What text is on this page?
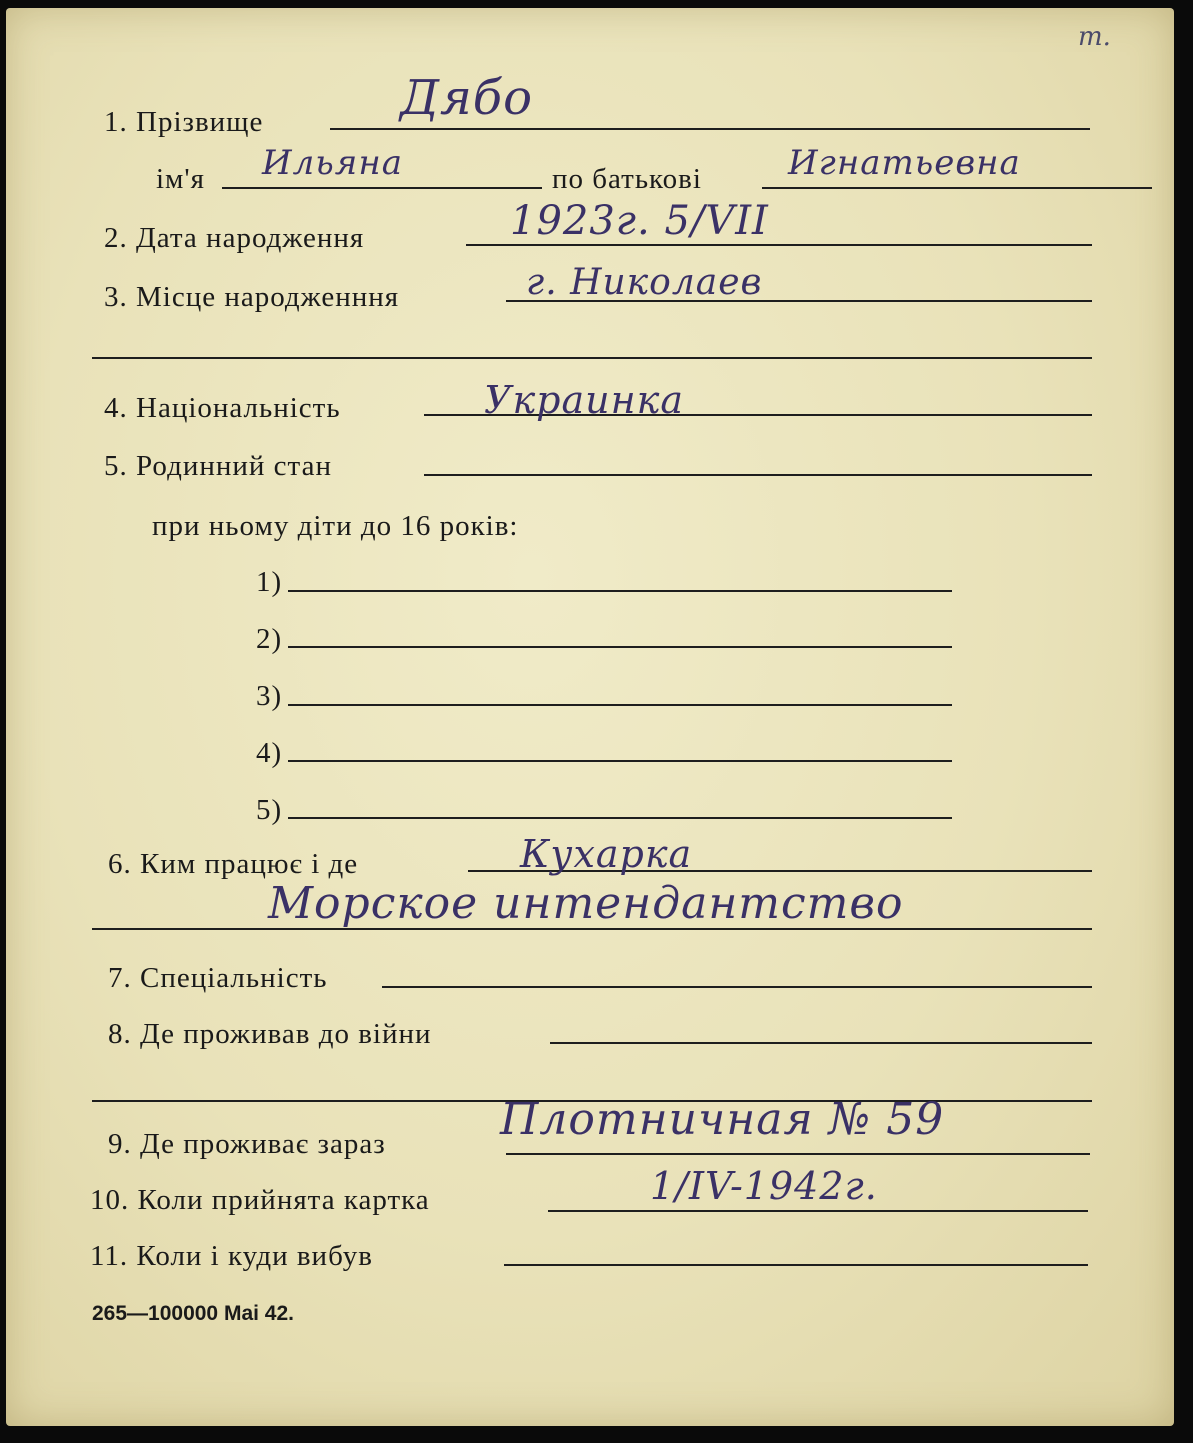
т.
1. Прізвище	Дябо
ім'я Ильяна	по батькові	Игнатьевна
2. Дата народження	1923г. 5/VII
3. Місце народженння	г. Николаев
4. Національність	Украинка
5. Родинний стан
при ньому діти до 16 років:
1)
2)
3)
4)
5)
6. Ким працює і де	Кухарка
Морское интендантство
7. Спеціальність
8. Де проживав до війни
9. Де проживає зараз	Плотничная № 59
10. Коли прийнята картка	1/IV-1942г.
11. Коли і куди вибув
265—100000 Mai 42.
